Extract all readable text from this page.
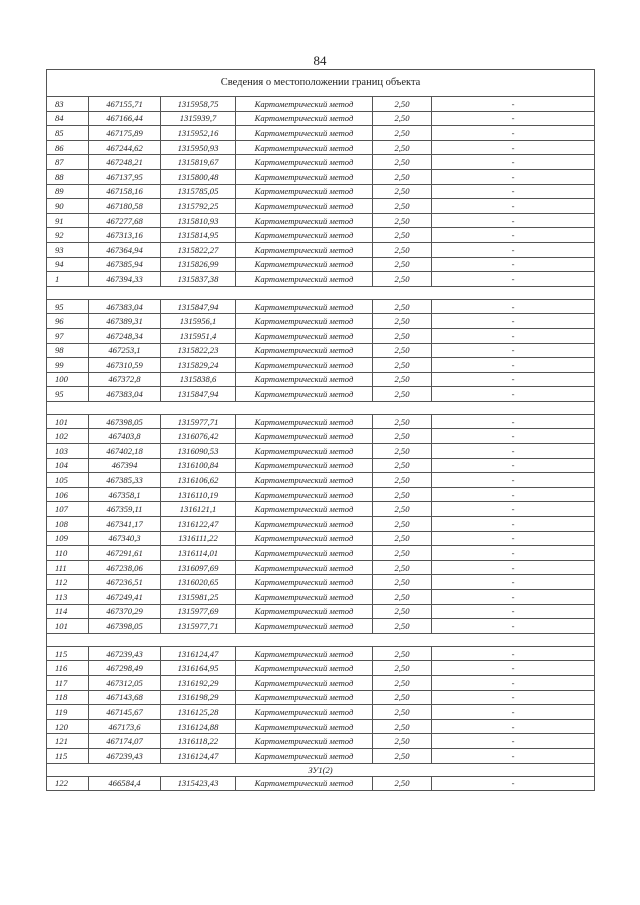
84
Сведения о местоположении границ объекта					
83	467155,71	1315958,75	Картометрический метод	2,50	-
84	467166,44	1315939,7	Картометрический метод	2,50	-
85	467175,89	1315952,16	Картометрический метод	2,50	-
86	467244,62	1315950,93	Картометрический метод	2,50	-
87	467248,21	1315819,67	Картометрический метод	2,50	-
88	467137,95	1315800,48	Картометрический метод	2,50	-
89	467158,16	1315785,05	Картометрический метод	2,50	-
90	467180,58	1315792,25	Картометрический метод	2,50	-
91	467277,68	1315810,93	Картометрический метод	2,50	-
92	467313,16	1315814,95	Картометрический метод	2,50	-
93	467364,94	1315822,27	Картометрический метод	2,50	-
94	467385,94	1315826,99	Картометрический метод	2,50	-
1	467394,33	1315837,38	Картометрический метод	2,50	-

95	467383,04	1315847,94	Картометрический метод	2,50	-
96	467389,31	1315956,1	Картометрический метод	2,50	-
97	467248,34	1315951,4	Картометрический метод	2,50	-
98	467253,1	1315822,23	Картометрический метод	2,50	-
99	467310,59	1315829,24	Картометрический метод	2,50	-
100	467372,8	1315838,6	Картометрический метод	2,50	-
95	467383,04	1315847,94	Картометрический метод	2,50	-

101	467398,05	1315977,71	Картометрический метод	2,50	-
102	467403,8	1316076,42	Картометрический метод	2,50	-
103	467402,18	1316090,53	Картометрический метод	2,50	-
104	467394	1316100,84	Картометрический метод	2,50	-
105	467385,33	1316106,62	Картометрический метод	2,50	-
106	467358,1	1316110,19	Картометрический метод	2,50	-
107	467359,11	1316121,1	Картометрический метод	2,50	-
108	467341,17	1316122,47	Картометрический метод	2,50	-
109	467340,3	1316111,22	Картометрический метод	2,50	-
110	467291,61	1316114,01	Картометрический метод	2,50	-
111	467238,06	1316097,69	Картометрический метод	2,50	-
112	467236,51	1316020,65	Картометрический метод	2,50	-
113	467249,41	1315981,25	Картометрический метод	2,50	-
114	467370,29	1315977,69	Картометрический метод	2,50	-
101	467398,05	1315977,71	Картометрический метод	2,50	-

115	467239,43	1316124,47	Картометрический метод	2,50	-
116	467298,49	1316164,95	Картометрический метод	2,50	-
117	467312,05	1316192,29	Картометрический метод	2,50	-
118	467143,68	1316198,29	Картометрический метод	2,50	-
119	467145,67	1316125,28	Картометрический метод	2,50	-
120	467173,6	1316124,88	Картометрический метод	2,50	-
121	467174,07	1316118,22	Картометрический метод	2,50	-
115	467239,43	1316124,47	Картометрический метод	2,50	-
ЗУ1(2)					
122	466584,4	1315423,43	Картометрический метод	2,50	-
